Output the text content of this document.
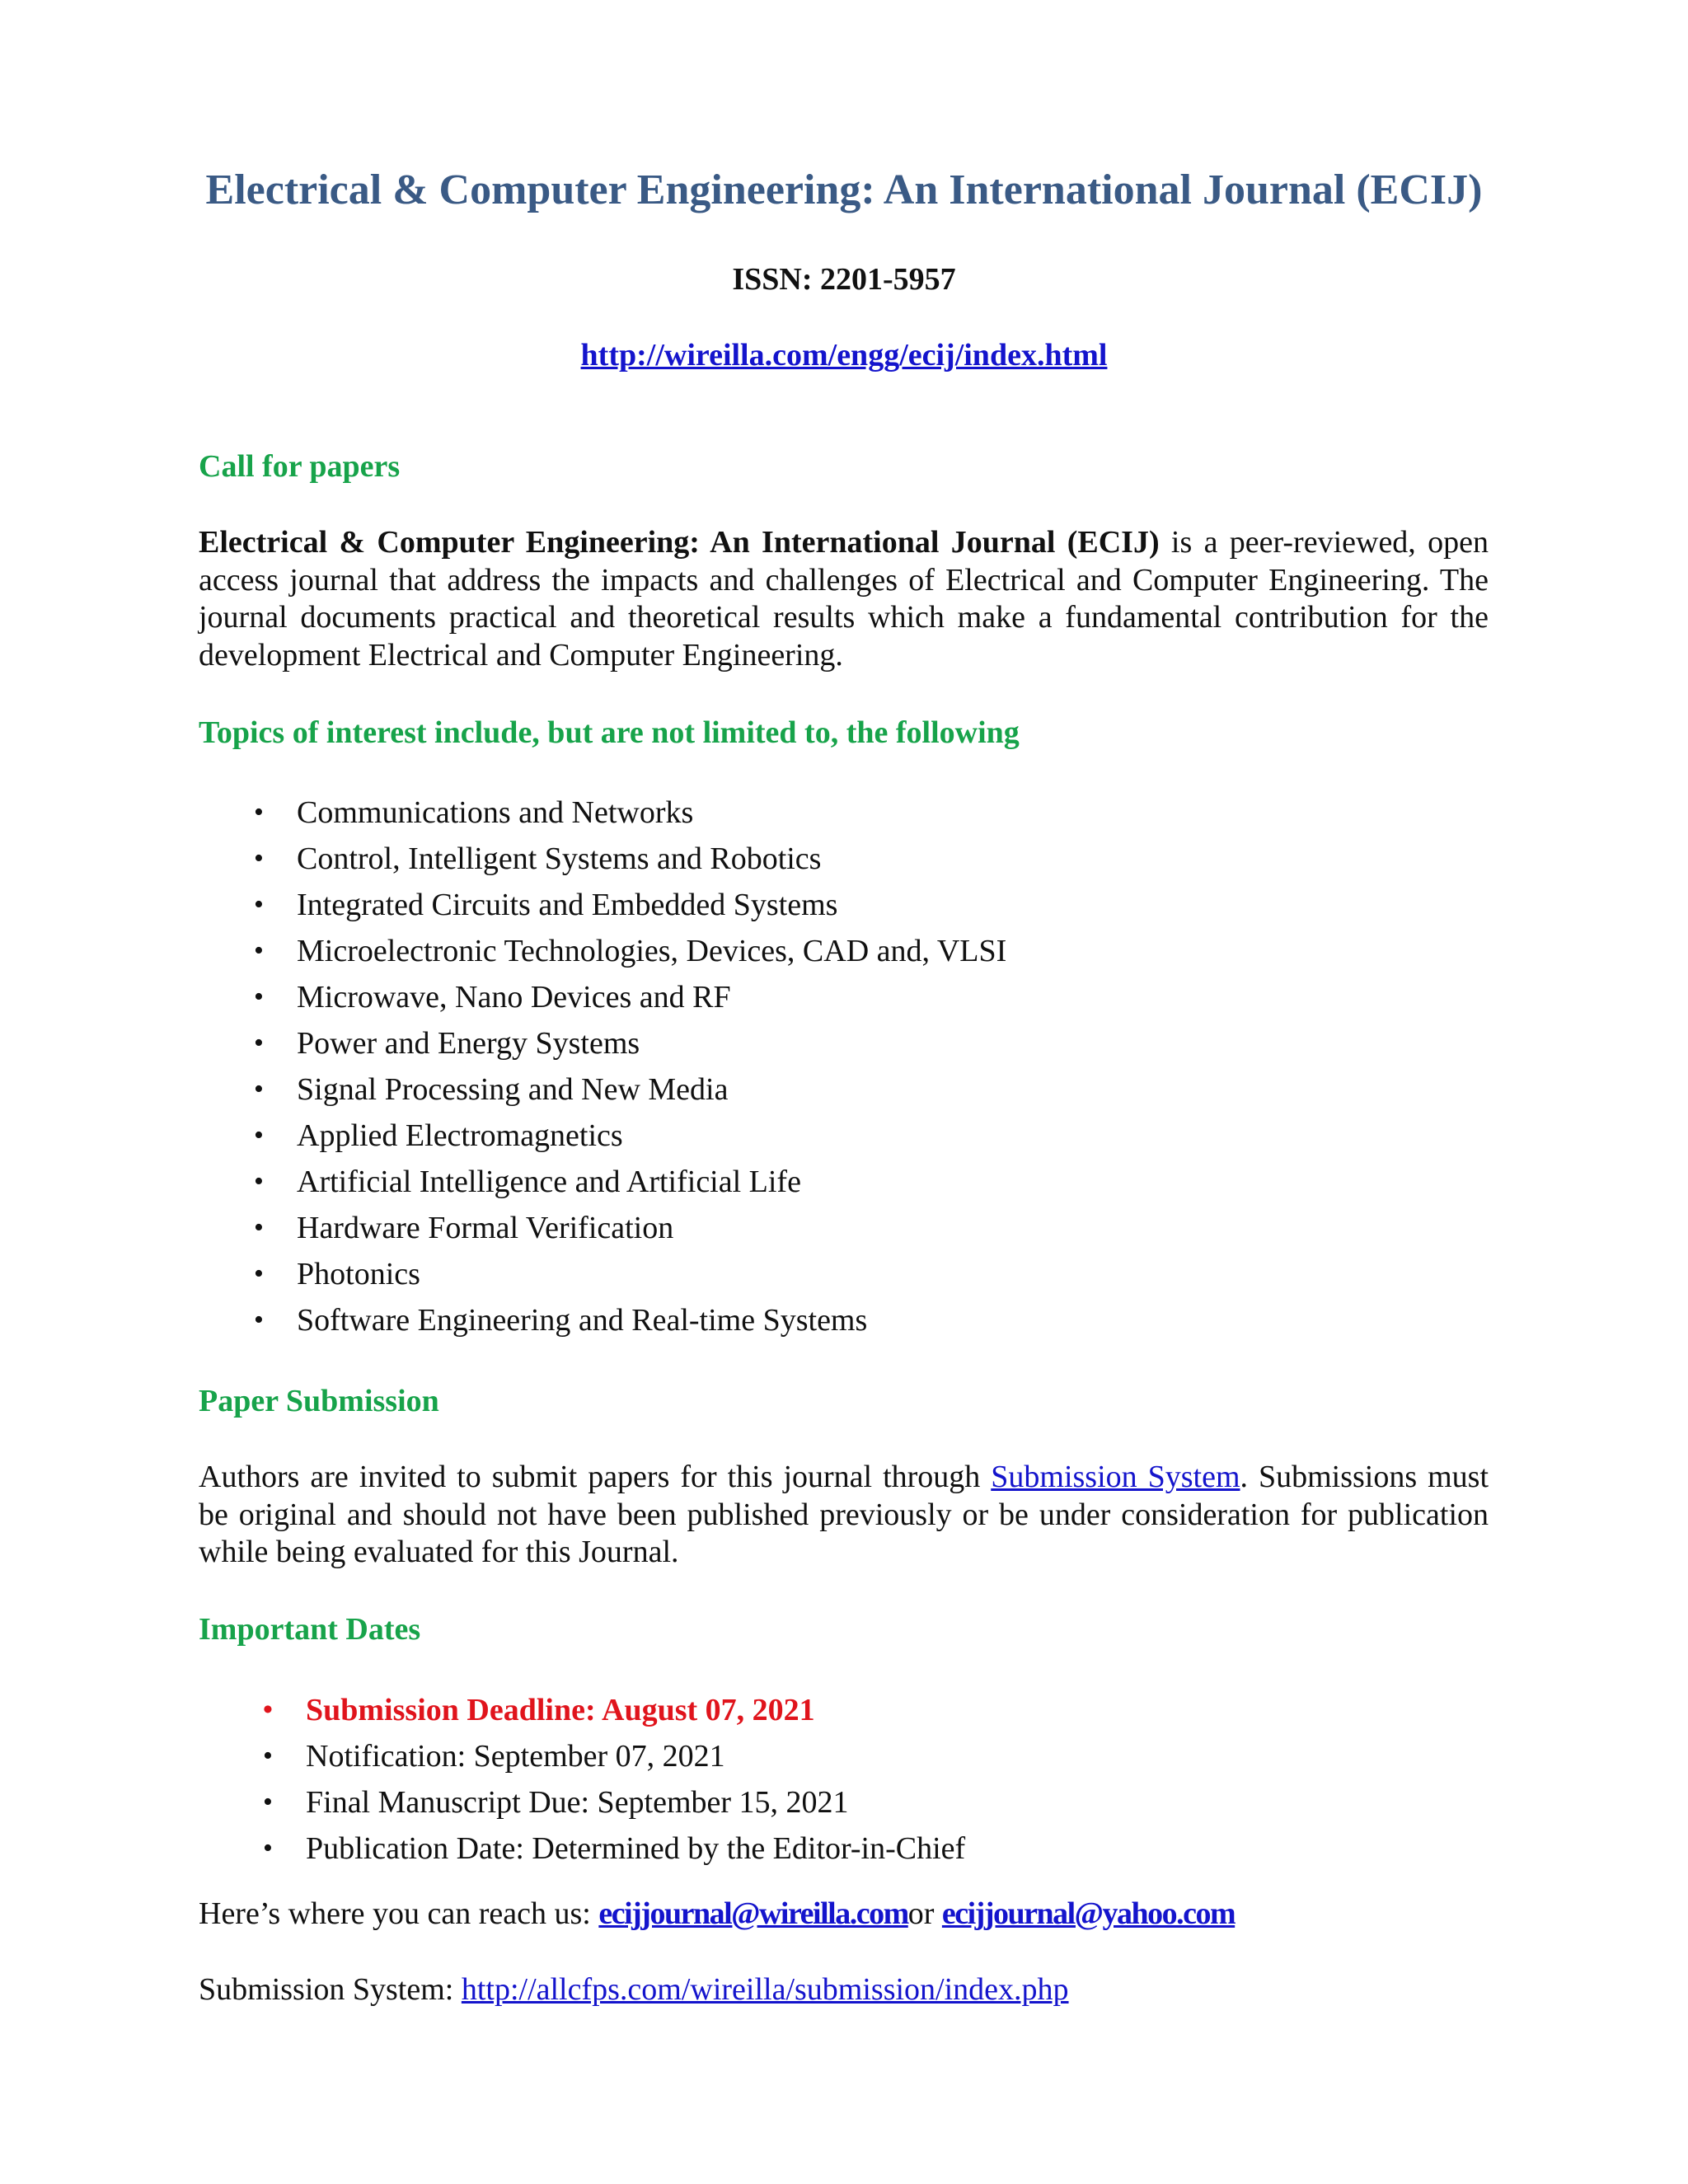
Electrical & Computer Engineering: An International Journal (ECIJ)
ISSN: 2201-5957
http://wireilla.com/engg/ecij/index.html
Call for papers

Electrical & Computer Engineering: An International Journal (ECIJ) is a peer-reviewed, open access journal that address the impacts and challenges of Electrical and Computer Engineering. The journal documents practical and theoretical results which make a fundamental contribution for the development Electrical and Computer Engineering.

Topics of interest include, but are not limited to, the following
• Communications and Networks
• Control, Intelligent Systems and Robotics
• Integrated Circuits and Embedded Systems
• Microelectronic Technologies, Devices, CAD and, VLSI
• Microwave, Nano Devices and RF
• Power and Energy Systems
• Signal Processing and New Media
• Applied Electromagnetics
• Artificial Intelligence and Artificial Life
• Hardware Formal Verification
• Photonics
• Software Engineering and Real-time Systems
Paper Submission

Authors are invited to submit papers for this journal through Submission System. Submissions must be original and should not have been published previously or be under consideration for publication while being evaluated for this Journal.

Important Dates
• Submission Deadline: August 07, 2021
• Notification: September 07, 2021
• Final Manuscript Due: September 15, 2021
• Publication Date: Determined by the Editor-in-Chief
Here’s where you can reach us: ecijjournal@wireilla.comor ecijjournal@yahoo.com
Submission System: http://allcfps.com/wireilla/submission/index.php
